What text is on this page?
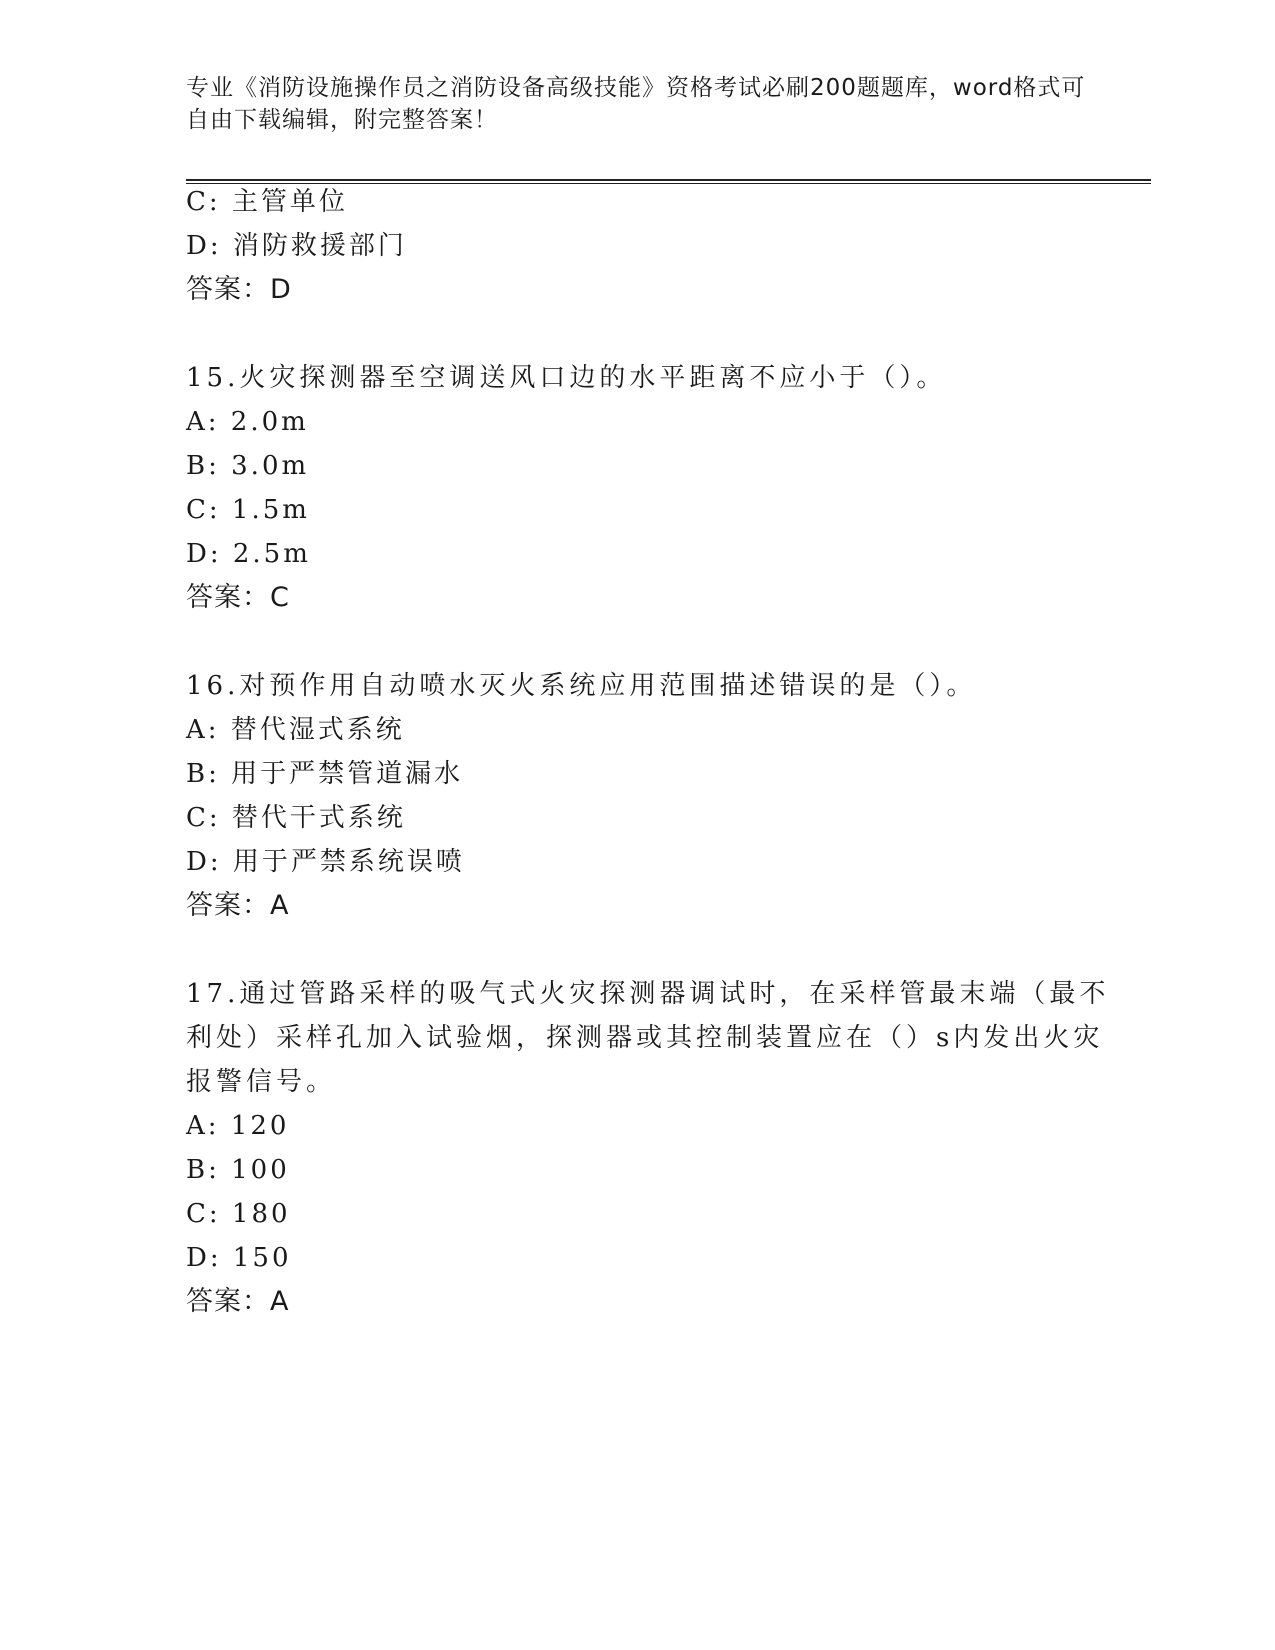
专业《消防设施操作员之消防设备高级技能》资格考试必刷200题题库，word格式可自由下载编辑，附完整答案！
C: 主管单位
D: 消防救援部门
答案：D
15.火灾探测器至空调送风口边的水平距离不应小于（）。
A: 2.0m
B: 3.0m
C: 1.5m
D: 2.5m
答案：C
16.对预作用自动喷水灭火系统应用范围描述错误的是（）。
A: 替代湿式系统
B: 用于严禁管道漏水
C: 替代干式系统
D: 用于严禁系统误喷
答案：A
17.通过管路采样的吸气式火灾探测器调试时，在采样管最末端（最不
利处）采样孔加入试验烟，探测器或其控制装置应在（）s内发出火灾
报警信号。
A: 120
B: 100
C: 180
D: 150
答案：A
